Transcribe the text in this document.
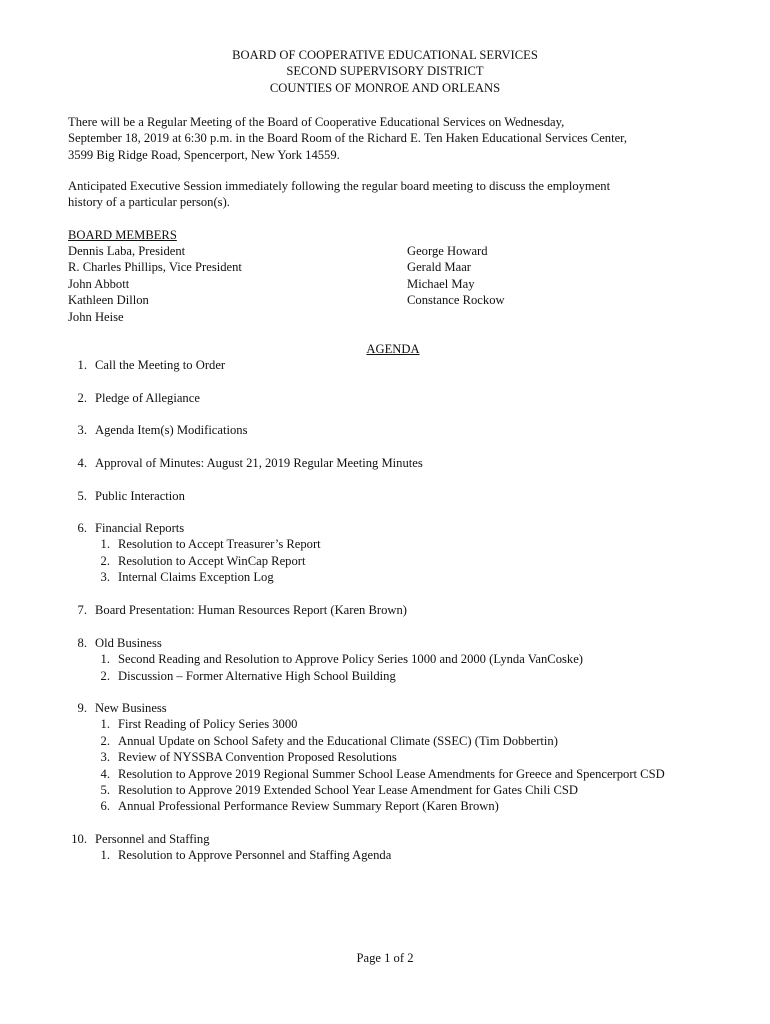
BOARD OF COOPERATIVE EDUCATIONAL SERVICES
SECOND SUPERVISORY DISTRICT
COUNTIES OF MONROE AND ORLEANS
There will be a Regular Meeting of the Board of Cooperative Educational Services on Wednesday,
September 18, 2019 at 6:30 p.m. in the Board Room of the Richard E. Ten Haken Educational Services Center,
3599 Big Ridge Road, Spencerport, New York 14559.
Anticipated Executive Session immediately following the regular board meeting to discuss the employment
history of a particular person(s).
BOARD MEMBERS
Dennis Laba, President
R. Charles Phillips, Vice President
John Abbott
Kathleen Dillon
John Heise
George Howard
Gerald Maar
Michael May
Constance Rockow
AGENDA
1. Call the Meeting to Order
2. Pledge of Allegiance
3. Agenda Item(s) Modifications
4. Approval of Minutes: August 21, 2019 Regular Meeting Minutes
5. Public Interaction
6. Financial Reports
1. Resolution to Accept Treasurer’s Report
2. Resolution to Accept WinCap Report
3. Internal Claims Exception Log
7. Board Presentation: Human Resources Report (Karen Brown)
8. Old Business
1. Second Reading and Resolution to Approve Policy Series 1000 and 2000 (Lynda VanCoske)
2. Discussion – Former Alternative High School Building
9. New Business
1. First Reading of Policy Series 3000
2. Annual Update on School Safety and the Educational Climate (SSEC) (Tim Dobbertin)
3. Review of NYSSBA Convention Proposed Resolutions
4. Resolution to Approve 2019 Regional Summer School Lease Amendments for Greece and Spencerport CSD
5. Resolution to Approve 2019 Extended School Year Lease Amendment for Gates Chili CSD
6. Annual Professional Performance Review Summary Report (Karen Brown)
10. Personnel and Staffing
1. Resolution to Approve Personnel and Staffing Agenda
Page 1 of 2
